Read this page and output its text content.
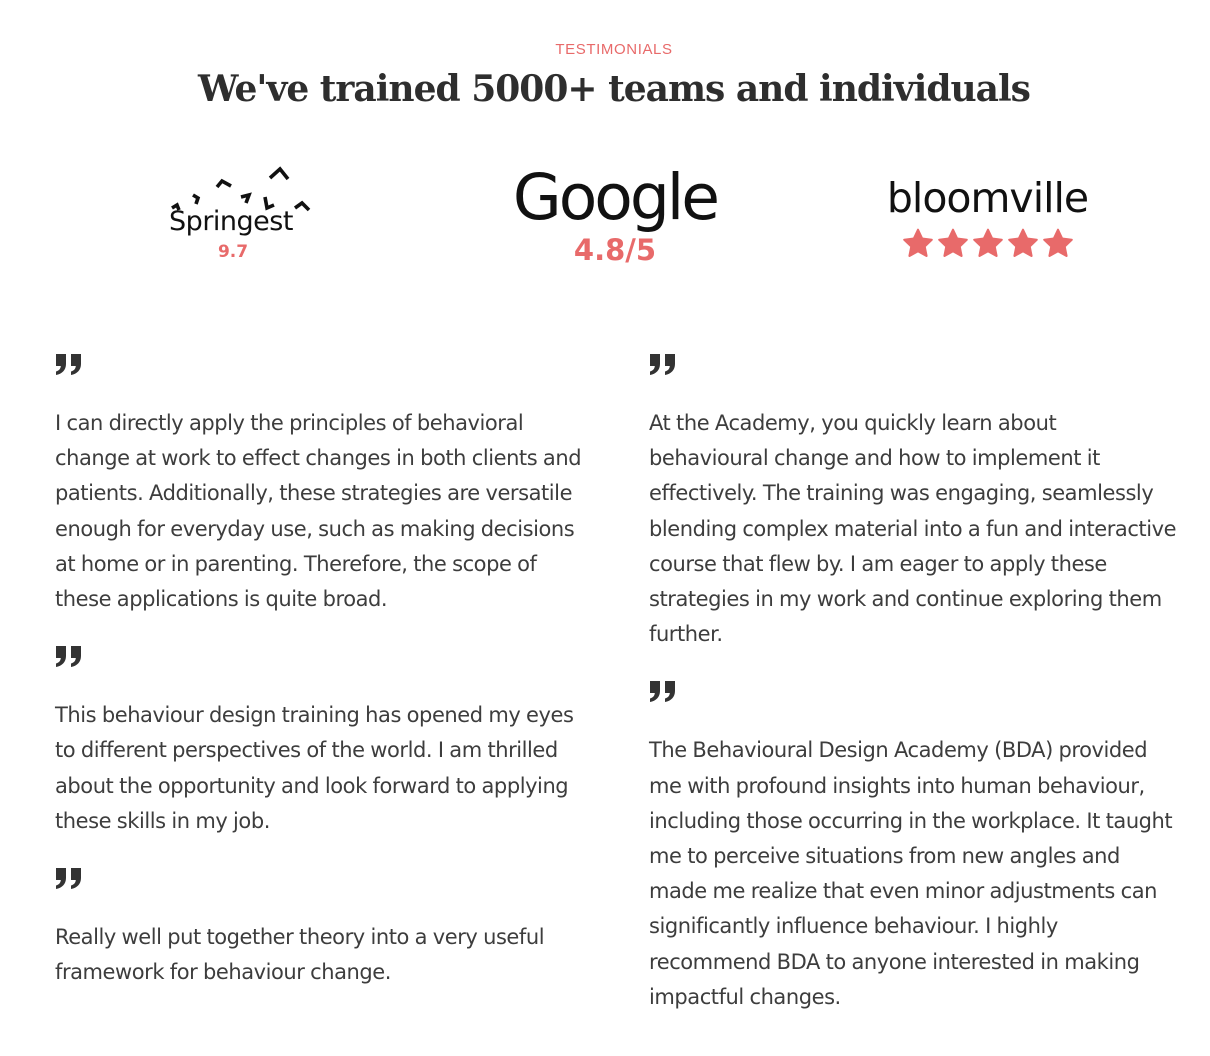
TESTIMONIALS
We've trained 5000+ teams and individuals
Springest
9.7
Google
4.8/5
bloomville

I can directly apply the principles of behavioral change at work to effect changes in both clients and patients. Additionally, these strategies are versatile enough for everyday use, such as making decisions at home or in parenting. Therefore, the scope of these applications is quite broad.

This behaviour design training has opened my eyes to different perspectives of the world. I am thrilled about the opportunity and look forward to applying these skills in my job.

Really well put together theory into a very useful framework for behaviour change.

At the Academy, you quickly learn about behavioural change and how to implement it effectively. The training was engaging, seamlessly blending complex material into a fun and interactive course that flew by. I am eager to apply these strategies in my work and continue exploring them further.

The Behavioural Design Academy (BDA) provided me with profound insights into human behaviour, including those occurring in the workplace. It taught me to perceive situations from new angles and made me realize that even minor adjustments can significantly influence behaviour. I highly recommend BDA to anyone interested in making impactful changes.
